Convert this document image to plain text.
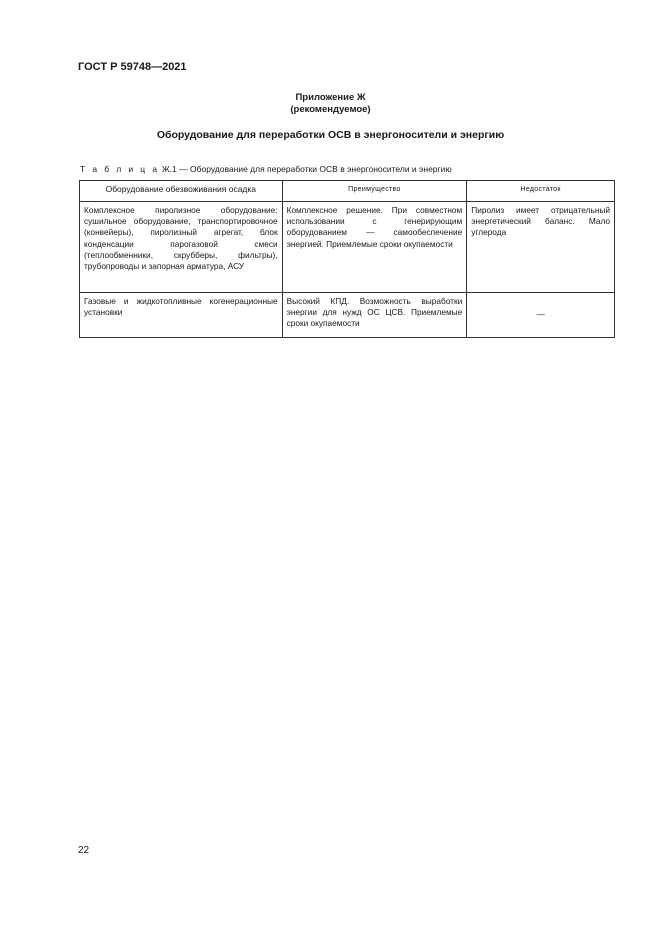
ГОСТ Р 59748—2021
Приложение Ж
(рекомендуемое)
Оборудование для переработки ОСВ в энергоносители и энергию
Т а б л и ц а Ж.1 — Оборудование для переработки ОСВ в энергоносители и энергию
Оборудование обезвоживания осадка	Преимущество	Недостаток
Комплексное пиролизное оборудование: сушильное оборудование, транспортировочное (конвейеры), пиролизный агрегат, блок конденсации парогазовой смеси (теплообменники, скрубберы, фильтры), трубопроводы и запорная арматура, АСУ	Комплексное решение. При совместном использовании с генерирующим оборудованием — самообеспечение энергией. Приемлемые сроки окупаемости	Пиролиз имеет отрицательный энергетический баланс. Мало углерода
Газовые и жидкотопливные когенерационные установки	Высокий КПД. Возможность выработки энергии для нужд ОС ЦСВ. Приемлемые сроки окупаемости	—
22
